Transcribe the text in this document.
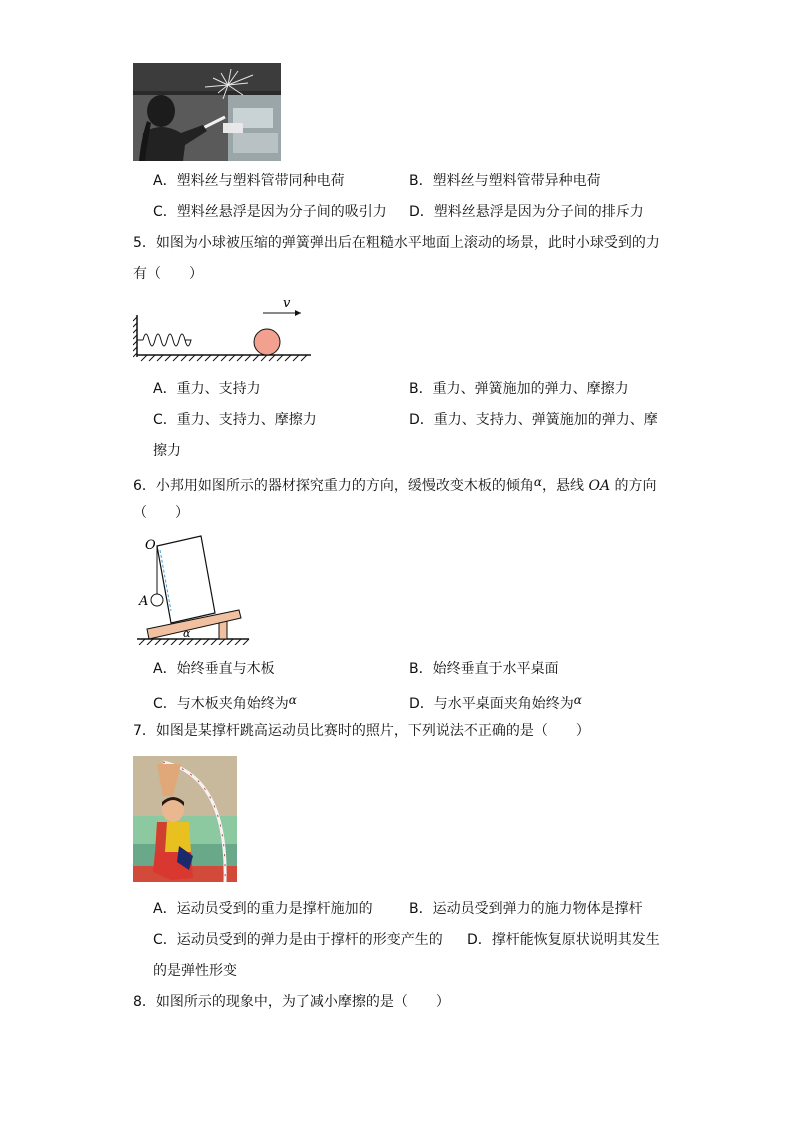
A．塑料丝与塑料管带同种电荷	B．塑料丝与塑料管带异种电荷
C．塑料丝悬浮是因为分子间的吸引力 D．塑料丝悬浮是因为分子间的排斥力
5．如图为小球被压缩的弹簧弹出后在粗糙水平地面上滚动的场景，此时小球受到的力
有（　　）
v
A．重力、支持力	B．重力、弹簧施加的弹力、摩擦力
C．重力、支持力、摩擦力	D．重力、支持力、弹簧施加的弹力、摩
擦力
6．小邦用如图所示的器材探究重力的方向，缓慢改变木板的倾角α，悬线 OA 的方向
（　　）
O
A
α
A．始终垂直与木板	B．始终垂直于水平桌面
C．与木板夹角始终为α	D．与水平桌面夹角始终为α
7．如图是某撑杆跳高运动员比赛时的照片，下列说法不正确的是（　　）
A．运动员受到的重力是撑杆施加的	B．运动员受到弹力的施力物体是撑杆
C．运动员受到的弹力是由于撑杆的形变产生的 D．撑杆能恢复原状说明其发生
的是弹性形变
8．如图所示的现象中，为了减小摩擦的是（　　）
